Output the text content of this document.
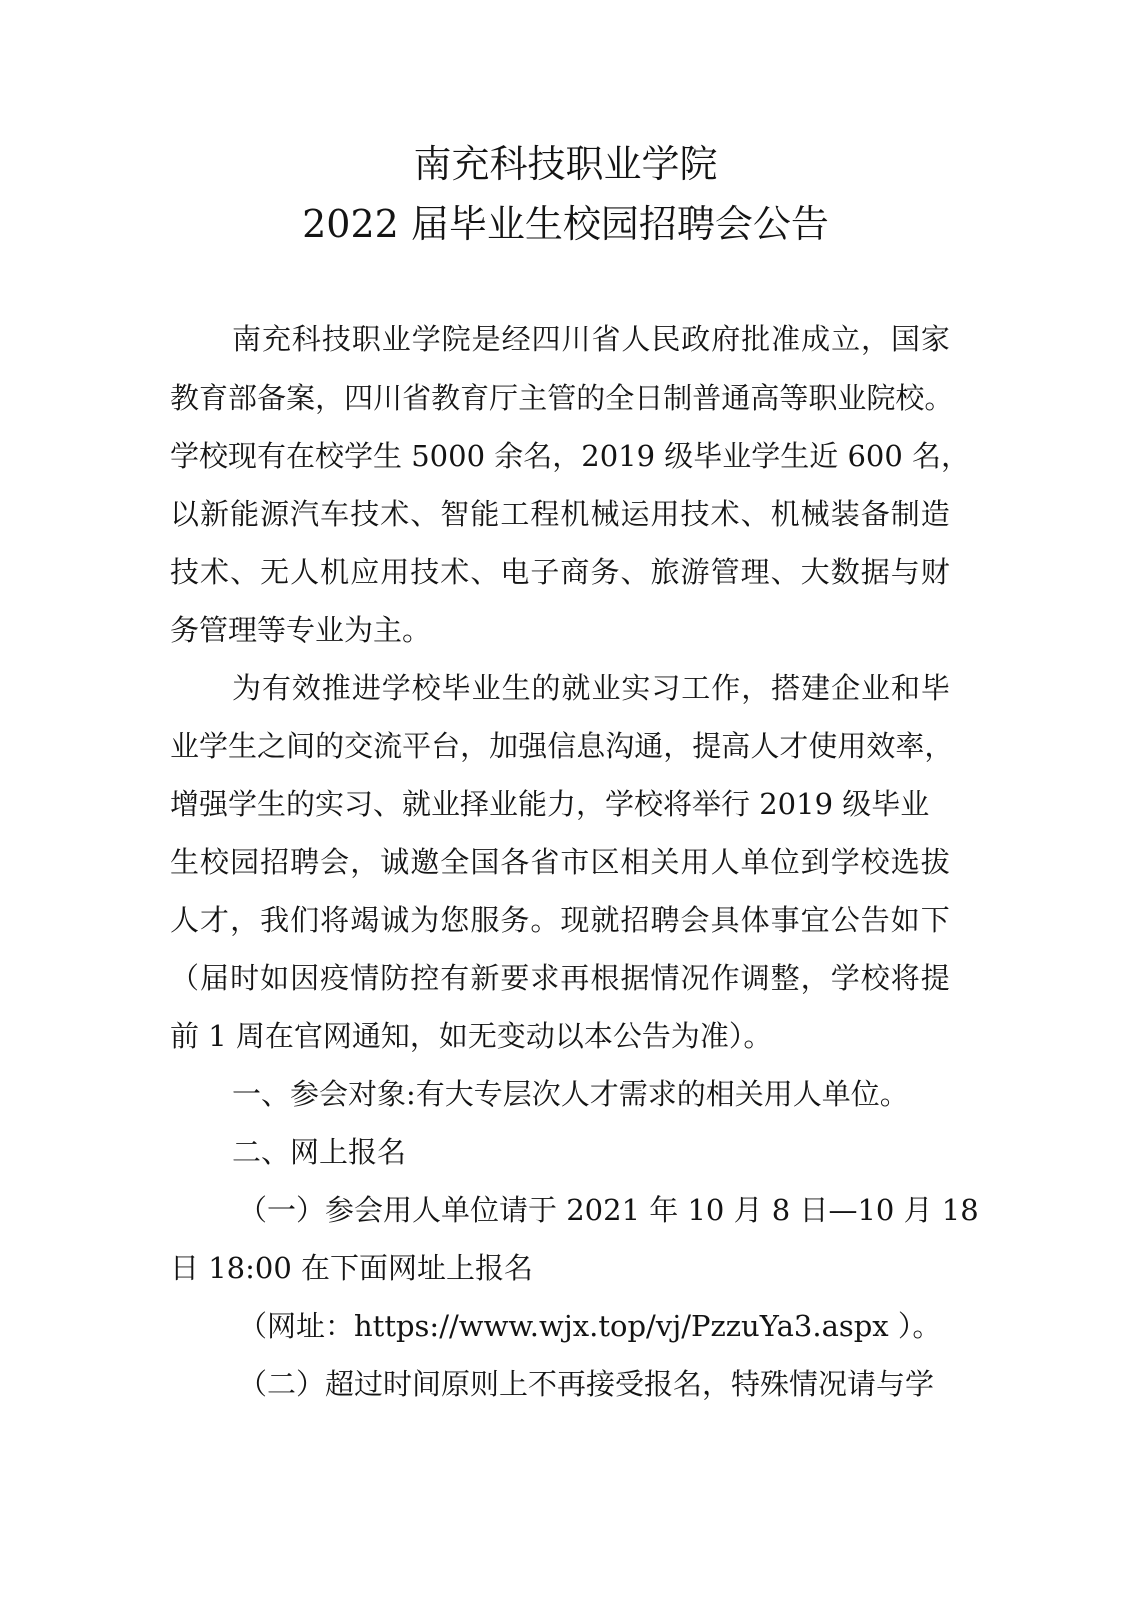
南充科技职业学院
2022 届毕业生校园招聘会公告
南 充 科 技 职 业 学 院 是 经 四 川 省 人 民 政 府 批 准 成 立 ， 国 家
教 育 部 备 案 ， 四 川 省 教 育 厅 主 管 的 全 日 制 普 通 高 等 职 业 院 校 。
学校现有在校学生 5000 余名，2019 级毕业学生近 600 名，
以 新 能 源 汽 车 技 术 、 智 能 工 程 机 械 运 用 技 术 、 机 械 装 备 制 造
技 术 、 无 人 机 应 用 技 术 、 电 子 商 务 、 旅 游 管 理 、 大 数 据 与 财
务管理等专业为主。
为 有 效 推 进 学 校 毕 业 生 的 就 业 实 习 工 作 ， 搭 建 企 业 和 毕
业 学 生 之 间 的 交 流 平 台 ， 加 强 信 息 沟 通 ， 提 高 人 才 使 用 效 率 ，
增强学生的实习、就业择业能力，学校将举行 2019 级毕业
生 校 园 招 聘 会 ， 诚 邀 全 国 各 省 市 区 相 关 用 人 单 位 到 学 校 选 拔
人 才 ， 我 们 将 竭 诚 为 您 服 务 。 现 就 招 聘 会 具 体 事 宜 公 告 如 下
（ 届 时 如 因 疫 情 防 控 有 新 要 求 再 根 据 情 况 作 调 整 ， 学 校 将 提
前 1 周在官网通知，如无变动以本公告为准）。
一、参会对象:有大专层次人才需求的相关用人单位。
二、网上报名
（一）参会用人单位请于 2021 年 10 月 8 日—10 月 18
日 18:00 在下面网址上报名
（网址：https://www.wjx.top/vj/PzzuYa3.aspx ）。
（二）超过时间原则上不再接受报名，特殊情况请与学
